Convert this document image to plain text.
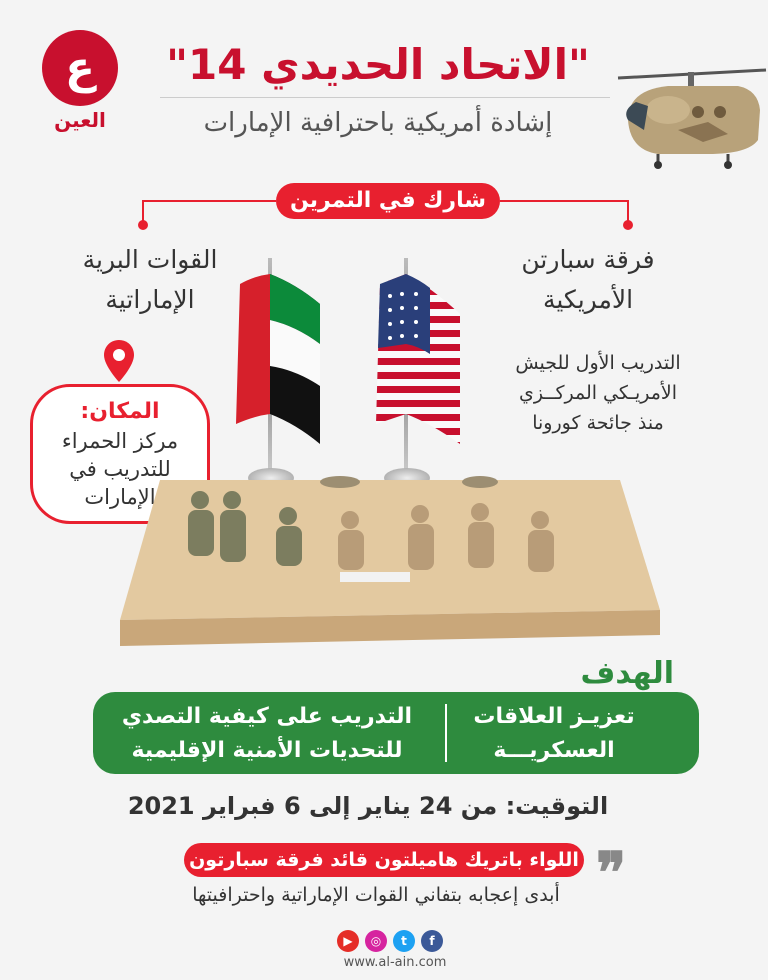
ع
العين
"الاتحاد الحديدي 14"
إشادة أمريكية باحترافية الإمارات
شارك في التمرين
فرقة سبارتن
الأمريكية
القوات البرية
الإماراتية
التدريب الأول للجيش
الأمريـكي المركــزي
منذ جائحة كورونا
المكان:
مركز الحمراء
للتدريب في
الإمارات
الهدف
تعزيـز العلاقات
العسكريـــة
التدريب على كيفية التصدي
للتحديات الأمنية الإقليمية
التوقيت: من 24 يناير إلى 6 فبراير 2021
❞
اللواء باتريك هاميلتون قائد فرقة سبارتون
أبدى إعجابه بتفاني القوات الإماراتية واحترافيتها
▶	◎	t	f
www.al-ain.com
